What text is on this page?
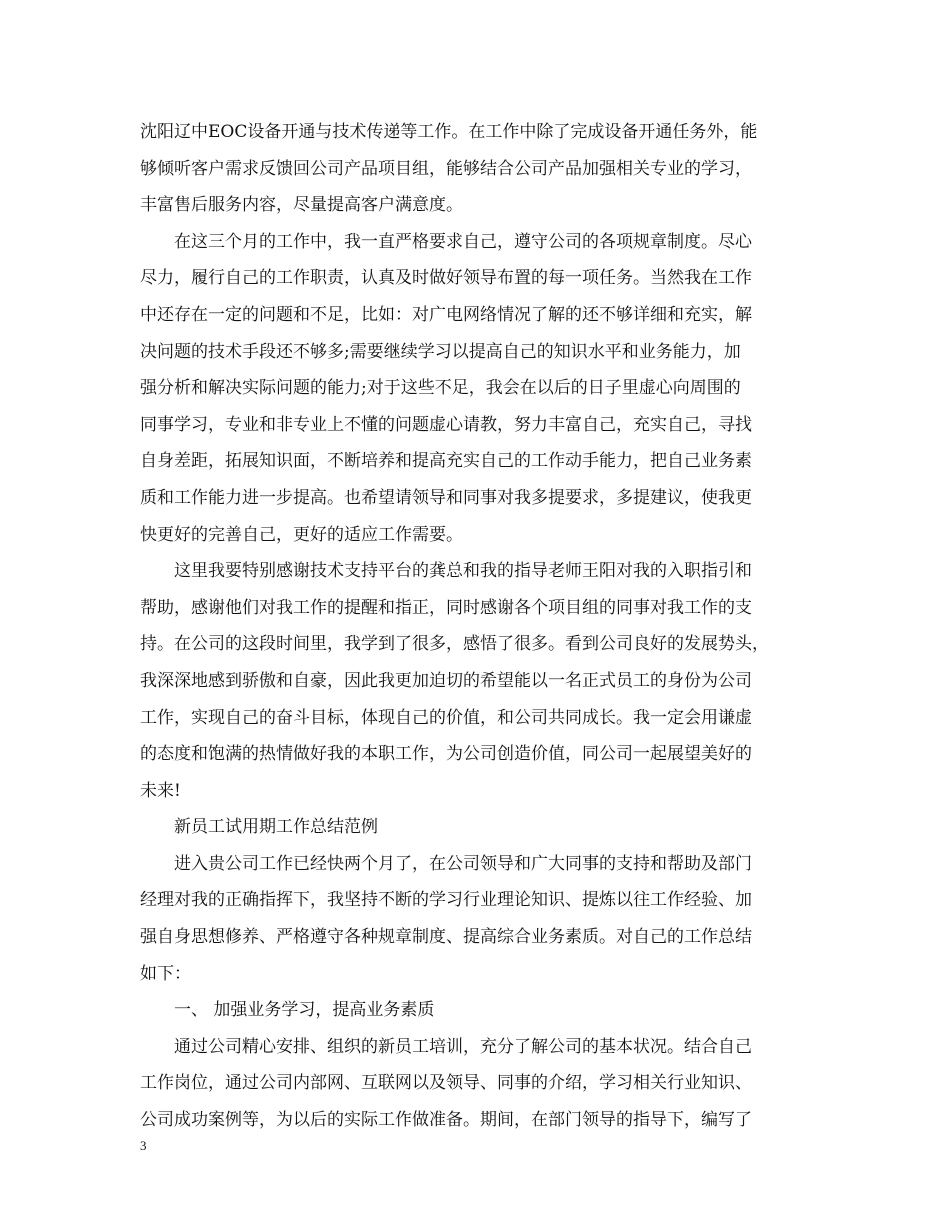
沈阳辽中EOC设备开通与技术传递等工作。在工作中除了完成设备开通任务外，能
够倾听客户需求反馈回公司产品项目组，能够结合公司产品加强相关专业的学习，
丰富售后服务内容，尽量提高客户满意度。
在这三个月的工作中，我一直严格要求自己，遵守公司的各项规章制度。尽心
尽力，履行自己的工作职责，认真及时做好领导布置的每一项任务。当然我在工作
中还存在一定的问题和不足，比如：对广电网络情况了解的还不够详细和充实，解
决问题的技术手段还不够多;需要继续学习以提高自己的知识水平和业务能力，加
强分析和解决实际问题的能力;对于这些不足，我会在以后的日子里虚心向周围的
同事学习，专业和非专业上不懂的问题虚心请教，努力丰富自己，充实自己，寻找
自身差距，拓展知识面，不断培养和提高充实自己的工作动手能力，把自己业务素
质和工作能力进一步提高。也希望请领导和同事对我多提要求，多提建议，使我更
快更好的完善自己，更好的适应工作需要。
这里我要特别感谢技术支持平台的龚总和我的指导老师王阳对我的入职指引和
帮助，感谢他们对我工作的提醒和指正，同时感谢各个项目组的同事对我工作的支
持。在公司的这段时间里，我学到了很多，感悟了很多。看到公司良好的发展势头，
我深深地感到骄傲和自豪，因此我更加迫切的希望能以一名正式员工的身份为公司
工作，实现自己的奋斗目标，体现自己的价值，和公司共同成长。我一定会用谦虚
的态度和饱满的热情做好我的本职工作，为公司创造价值，同公司一起展望美好的
未来!
新员工试用期工作总结范例
进入贵公司工作已经快两个月了，在公司领导和广大同事的支持和帮助及部门
经理对我的正确指挥下，我坚持不断的学习行业理论知识、提炼以往工作经验、加
强自身思想修养、严格遵守各种规章制度、提高综合业务素质。对自己的工作总结
如下：
一、 加强业务学习，提高业务素质
通过公司精心安排、组织的新员工培训，充分了解公司的基本状况。结合自己
工作岗位，通过公司内部网、互联网以及领导、同事的介绍，学习相关行业知识、
公司成功案例等，为以后的实际工作做准备。期间，在部门领导的指导下，编写了
3
